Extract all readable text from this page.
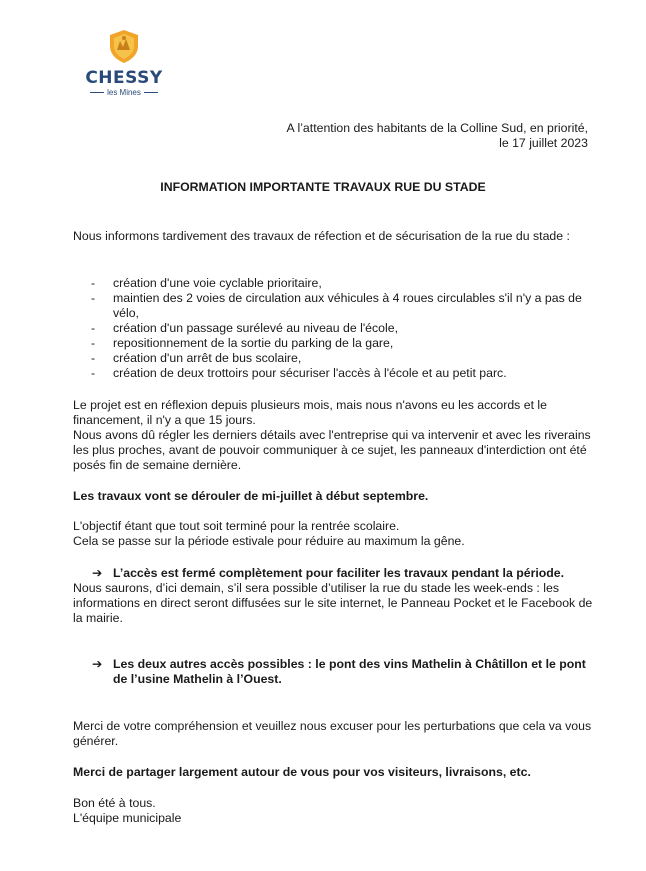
CHESSY
les Mines
A l’attention des habitants de la Colline Sud, en priorité,
le 17 juillet 2023
INFORMATION IMPORTANTE TRAVAUX RUE DU STADE

Nous informons tardivement des travaux de réfection et de sécurisation de la rue du stade :

- création d'une voie cyclable prioritaire,
- maintien des 2 voies de circulation aux véhicules à 4 roues circulables s'il n'y a pas de vélo,
- création d'un passage surélevé au niveau de l'école,
- repositionnement de la sortie du parking de la gare,
- création d'un arrêt de bus scolaire,
- création de deux trottoirs pour sécuriser l'accès à l'école et au petit parc.

Le projet est en réflexion depuis plusieurs mois, mais nous n'avons eu les accords et le financement, il n'y a que 15 jours.

Nous avons dû régler les derniers détails avec l'entreprise qui va intervenir et avec les riverains les plus proches, avant de pouvoir communiquer à ce sujet, les panneaux d'interdiction ont été posés fin de semaine dernière.

Les travaux vont se dérouler de mi-juillet à début septembre.

L'objectif étant que tout soit terminé pour la rentrée scolaire.

Cela se passe sur la période estivale pour réduire au maximum la gêne.

➔ L’accès est fermé complètement pour faciliter les travaux pendant la période.

Nous saurons, d’ici demain, s’il sera possible d’utiliser la rue du stade les week-ends : les informations en direct seront diffusées sur le site internet, le Panneau Pocket et le Facebook de la mairie.

➔ Les deux autres accès possibles : le pont des vins Mathelin à Châtillon et le pont de l’usine Mathelin à l’Ouest.
Merci de votre compréhension et veuillez nous excuser pour les perturbations que cela va vous générer.
Merci de partager largement autour de vous pour vos visiteurs, livraisons, etc.

Bon été à tous.

L'équipe municipale
